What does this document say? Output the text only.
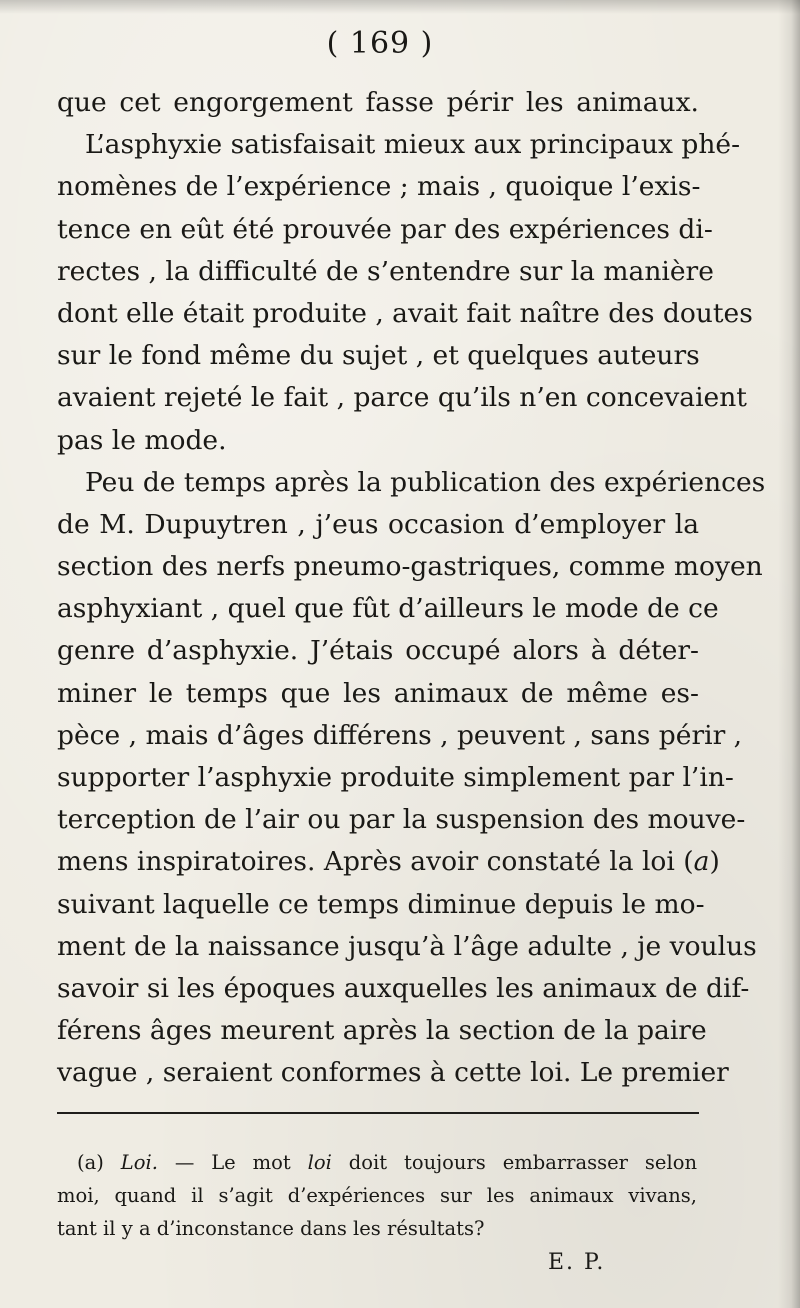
( 169 )
que cet engorgement fasse périr les animaux.
L’asphyxie satisfaisait mieux aux principaux phé-
nomènes de l’expérience ; mais , quoique l’exis-
tence en eût été prouvée par des expériences di-
rectes , la difficulté de s’entendre sur la manière
dont elle était produite , avait fait naître des doutes
sur le fond même du sujet , et quelques auteurs
avaient rejeté le fait , parce qu’ils n’en concevaient
pas le mode.
Peu de temps après la publication des expériences
de M. Dupuytren , j’eus occasion d’employer la
section des nerfs pneumo-gastriques, comme moyen
asphyxiant , quel que fût d’ailleurs le mode de ce
genre d’asphyxie. J’étais occupé alors à déter-
miner le temps que les animaux de même es-
pèce , mais d’âges différens , peuvent , sans périr ,
supporter l’asphyxie produite simplement par l’in-
terception de l’air ou par la suspension des mouve-
mens inspiratoires. Après avoir constaté la loi (a)
suivant laquelle ce temps diminue depuis le mo-
ment de la naissance jusqu’à l’âge adulte , je voulus
savoir si les époques auxquelles les animaux de dif-
férens âges meurent après la section de la paire
vague , seraient conformes à cette loi. Le premier
(a) Loi. — Le mot loi doit toujours embarrasser selon
moi, quand il s’agit d’expériences sur les animaux vivans,
tant il y a d’inconstance dans les résultats?
E. P.
